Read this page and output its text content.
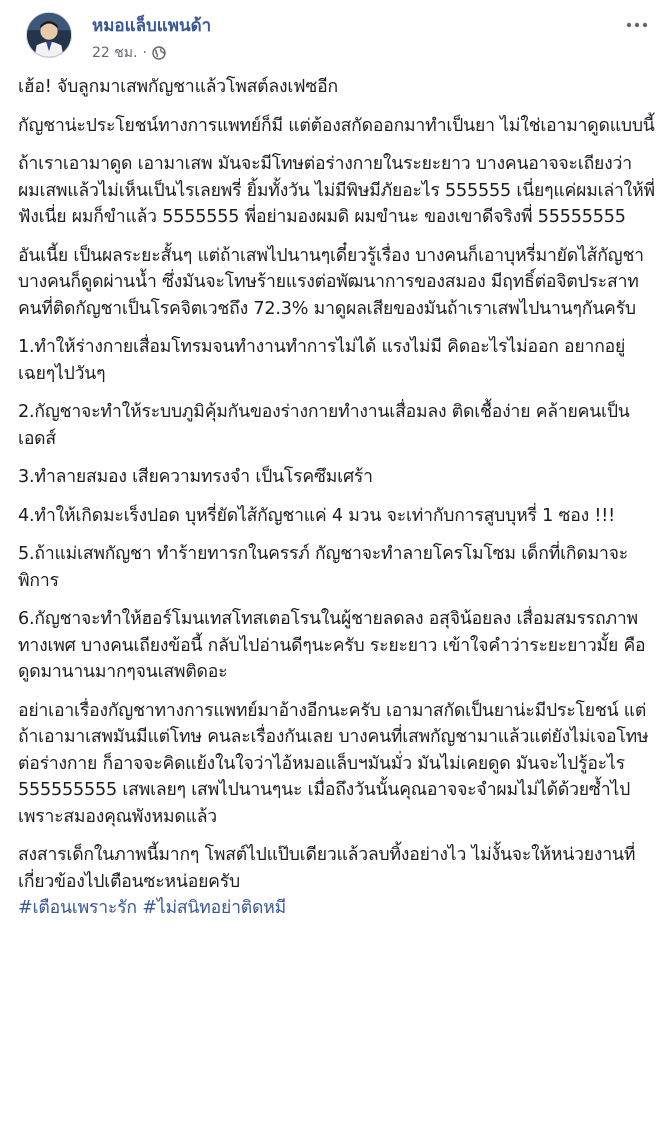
หมอแล็บแพนด้า
22 ชม. ·

เฮ้อ! จับลูกมาเสพกัญชาแล้วโพสต์ลงเฟซอีก

กัญชาน่ะประโยชน์ทางการแพทย์ก็มี แต่ต้องสกัดออกมาทำเป็นยา ไม่ใช่เอามาดูดแบบนี้

ถ้าเราเอามาดูด เอามาเสพ มันจะมีโทษต่อร่างกายในระยะยาว บางคนอาจจะเถียงว่า ผมเสพแล้วไม่เห็นเป็นไรเลยพรี่ ยิ้มทั้งวัน ไม่มีพิษมีภัยอะไร 555555 เนี่ยๆแค่ผมเล่าให้พี่ฟังเนี่ย ผมก็ขำแล้ว 5555555 พี่อย่ามองผมดิ ผมขำนะ ของเขาดีจริงพี่ 55555555

อันเนี้ย เป็นผลระยะสั้นๆ แต่ถ้าเสพไปนานๆเดี๋ยวรู้เรื่อง บางคนก็เอาบุหรี่มายัดไส้กัญชา บางคนก็ดูดผ่านน้ำ ซึ่งมันจะโทษร้ายแรงต่อพัฒนาการของสมอง มีฤทธิ์ต่อจิตประสาท คนที่ติดกัญชาเป็นโรคจิตเวชถึง 72.3% มาดูผลเสียของมันถ้าเราเสพไปนานๆกันครับ

1.ทำให้ร่างกายเสื่อมโทรมจนทำงานทำการไม่ได้ แรงไม่มี คิดอะไรไม่ออก อยากอยู่เฉยๆไปวันๆ

2.กัญชาจะทำให้ระบบภูมิคุ้มกันของร่างกายทำงานเสื่อมลง ติดเชื้อง่าย คล้ายคนเป็นเอดส์

3.ทำลายสมอง เสียความทรงจำ เป็นโรคซึมเศร้า

4.ทำให้เกิดมะเร็งปอด บุหรี่ยัดไส้กัญชาแค่ 4 มวน จะเท่ากับการสูบบุหรี่ 1 ซอง !!!

5.ถ้าแม่เสพกัญชา ทำร้ายทารกในครรภ์ กัญชาจะทำลายโครโมโซม เด็กที่เกิดมาจะพิการ

6.กัญชาจะทำให้ฮอร์โมนเทสโทสเตอโรนในผู้ชายลดลง อสุจิน้อยลง เสื่อมสมรรถภาพทางเพศ บางคนเถียงข้อนี้ กลับไปอ่านดีๆนะครับ ระยะยาว เข้าใจคำว่าระยะยาวมั้ย คือดูดมานานมากๆจนเสพติดอะ

อย่าเอาเรื่องกัญชาทางการแพทย์มาอ้างอีกนะครับ เอามาสกัดเป็นยาน่ะมีประโยชน์ แต่ถ้าเอามาเสพมันมีแต่โทษ คนละเรื่องกันเลย บางคนที่เสพกัญชามาแล้วแต่ยังไม่เจอโทษต่อร่างกาย ก็อาจจะคิดแย้งในใจว่าไอ้หมอแล็บฯมันมั่ว มันไม่เคยดูด มันจะไปรู้อะไร 555555555 เสพเลยๆ เสพไปนานๆนะ เมื่อถึงวันนั้นคุณอาจจะจำผมไม่ได้ด้วยซ้ำไป เพราะสมองคุณพังหมดแล้ว

สงสารเด็กในภาพนี้มากๆ โพสต์ไปแป๊บเดียวแล้วลบทิ้งอย่างไว ไม่งั้นจะให้หน่วยงานที่เกี่ยวข้องไปเตือนซะหน่อยครับ

#เตือนเพราะรัก #ไม่สนิทอย่าติดหมี
